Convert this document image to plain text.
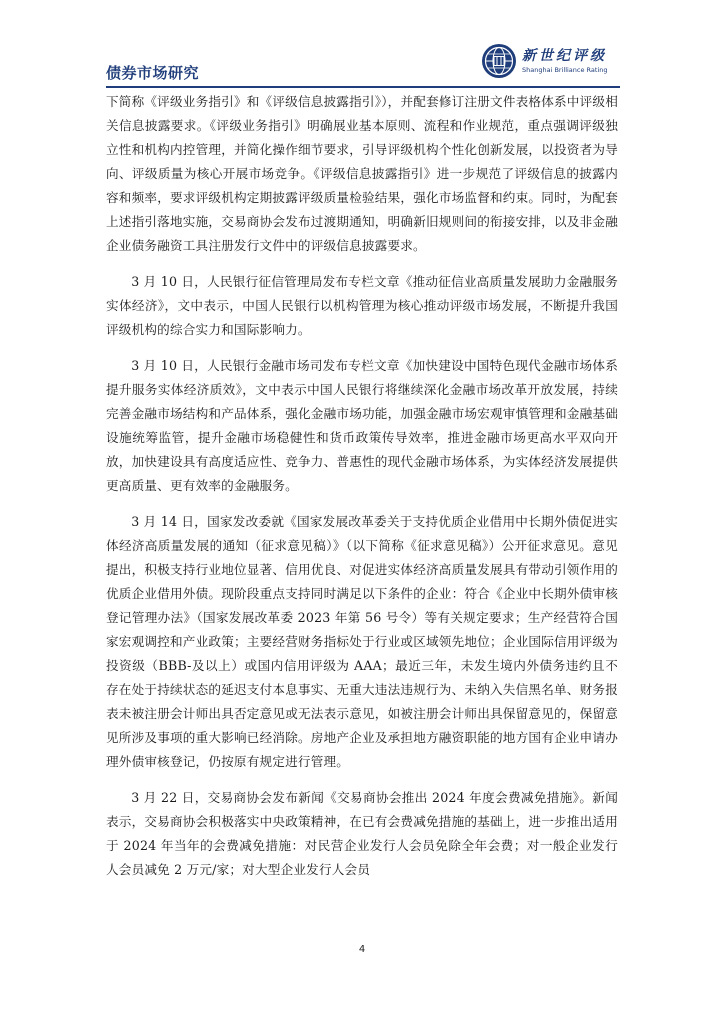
债券市场研究
新世纪评级
Shanghai Brilliance Rating

下简称《评级业务指引》和《评级信息披露指引》），并配套修订注册文件表格体系中评级相关信息披露要求。《评级业务指引》明确展业基本原则、流程和作业规范，重点强调评级独立性和机构内控管理，并简化操作细节要求，引导评级机构个性化创新发展，以投资者为导向、评级质量为核心开展市场竞争。《评级信息披露指引》进一步规范了评级信息的披露内容和频率，要求评级机构定期披露评级质量检验结果，强化市场监督和约束。同时，为配套上述指引落地实施，交易商协会发布过渡期通知，明确新旧规则间的衔接安排，以及非金融企业债务融资工具注册发行文件中的评级信息披露要求。

3 月 10 日，人民银行征信管理局发布专栏文章《推动征信业高质量发展助力金融服务实体经济》，文中表示，中国人民银行以机构管理为核心推动评级市场发展，不断提升我国评级机构的综合实力和国际影响力。

3 月 10 日，人民银行金融市场司发布专栏文章《加快建设中国特色现代金融市场体系提升服务实体经济质效》，文中表示中国人民银行将继续深化金融市场改革开放发展，持续完善金融市场结构和产品体系，强化金融市场功能，加强金融市场宏观审慎管理和金融基础设施统筹监管，提升金融市场稳健性和货币政策传导效率，推进金融市场更高水平双向开放，加快建设具有高度适应性、竞争力、普惠性的现代金融市场体系，为实体经济发展提供更高质量、更有效率的金融服务。

3 月 14 日，国家发改委就《国家发展改革委关于支持优质企业借用中长期外债促进实体经济高质量发展的通知（征求意见稿）》（以下简称《征求意见稿》）公开征求意见。意见提出，积极支持行业地位显著、信用优良、对促进实体经济高质量发展具有带动引领作用的优质企业借用外债。现阶段重点支持同时满足以下条件的企业：符合《企业中长期外债审核登记管理办法》（国家发展改革委 2023 年第 56 号令）等有关规定要求；生产经营符合国家宏观调控和产业政策；主要经营财务指标处于行业或区域领先地位；企业国际信用评级为投资级（BBB-及以上）或国内信用评级为 AAA；最近三年，未发生境内外债务违约且不存在处于持续状态的延迟支付本息事实、无重大违法违规行为、未纳入失信黑名单、财务报表未被注册会计师出具否定意见或无法表示意见，如被注册会计师出具保留意见的，保留意见所涉及事项的重大影响已经消除。房地产企业及承担地方融资职能的地方国有企业申请办理外债审核登记，仍按原有规定进行管理。

3 月 22 日，交易商协会发布新闻《交易商协会推出 2024 年度会费减免措施》。新闻表示，交易商协会积极落实中央政策精神，在已有会费减免措施的基础上，进一步推出适用于 2024 年当年的会费减免措施：对民营企业发行人会员免除全年会费；对一般企业发行人会员减免 2 万元/家；对大型企业发行人会员

4
